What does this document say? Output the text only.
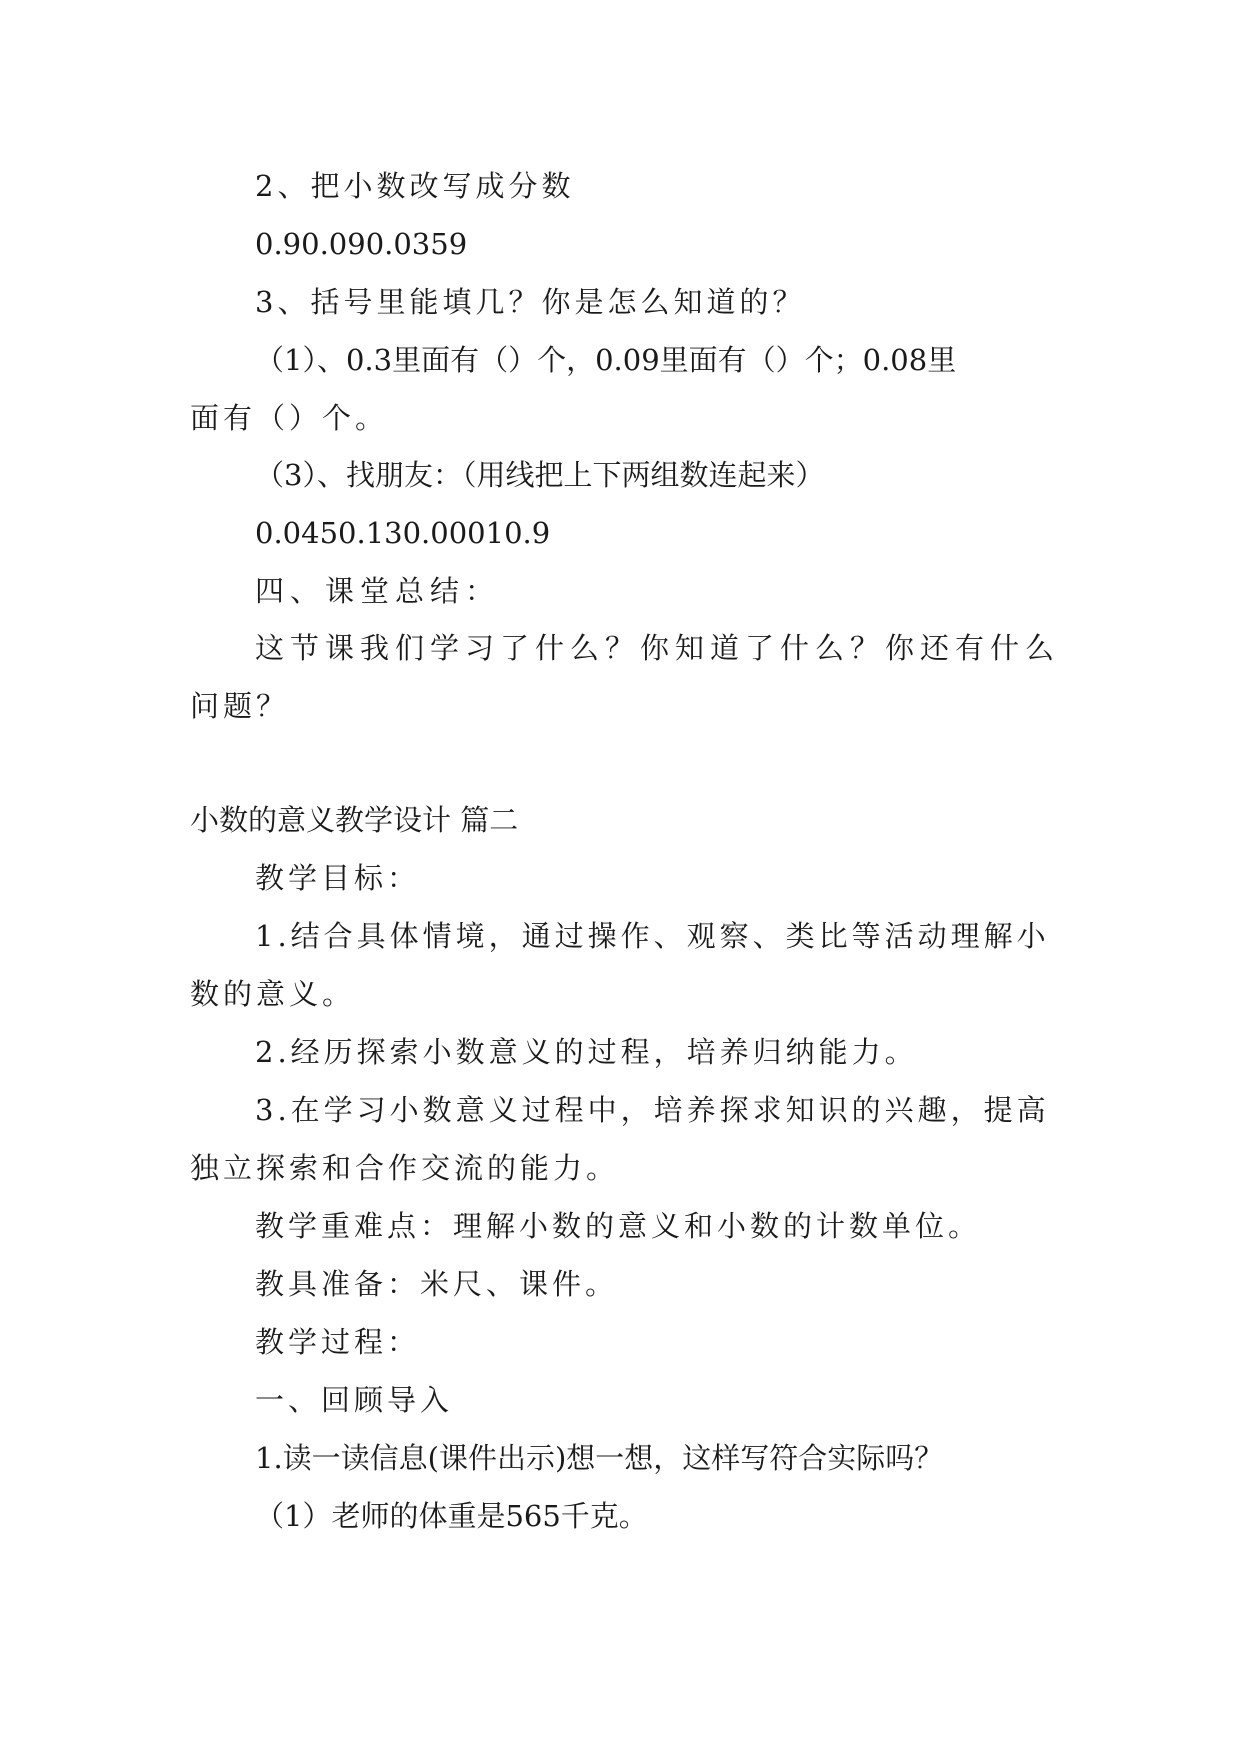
2、把小数改写成分数
0.90.090.0359
3、括号里能填几？你是怎么知道的？
（1）、0.3里面有（）个，0.09里面有（）个；0.08里
面有（）个。
（3）、找朋友：（用线把上下两组数连起来）
0.0450.130.00010.9
四、课堂总结：
这节课我们学习了什么？你知道了什么？你还有什么
问题？
小数的意义教学设计 篇二
教学目标：
1.结合具体情境，通过操作、观察、类比等活动理解小
数的意义。
2.经历探索小数意义的过程，培养归纳能力。
3.在学习小数意义过程中，培养探求知识的兴趣，提高
独立探索和合作交流的能力。
教学重难点：理解小数的意义和小数的计数单位。
教具准备：米尺、课件。
教学过程：
一、回顾导入
1.读一读信息(课件出示)想一想，这样写符合实际吗？
（1）老师的体重是565千克。
